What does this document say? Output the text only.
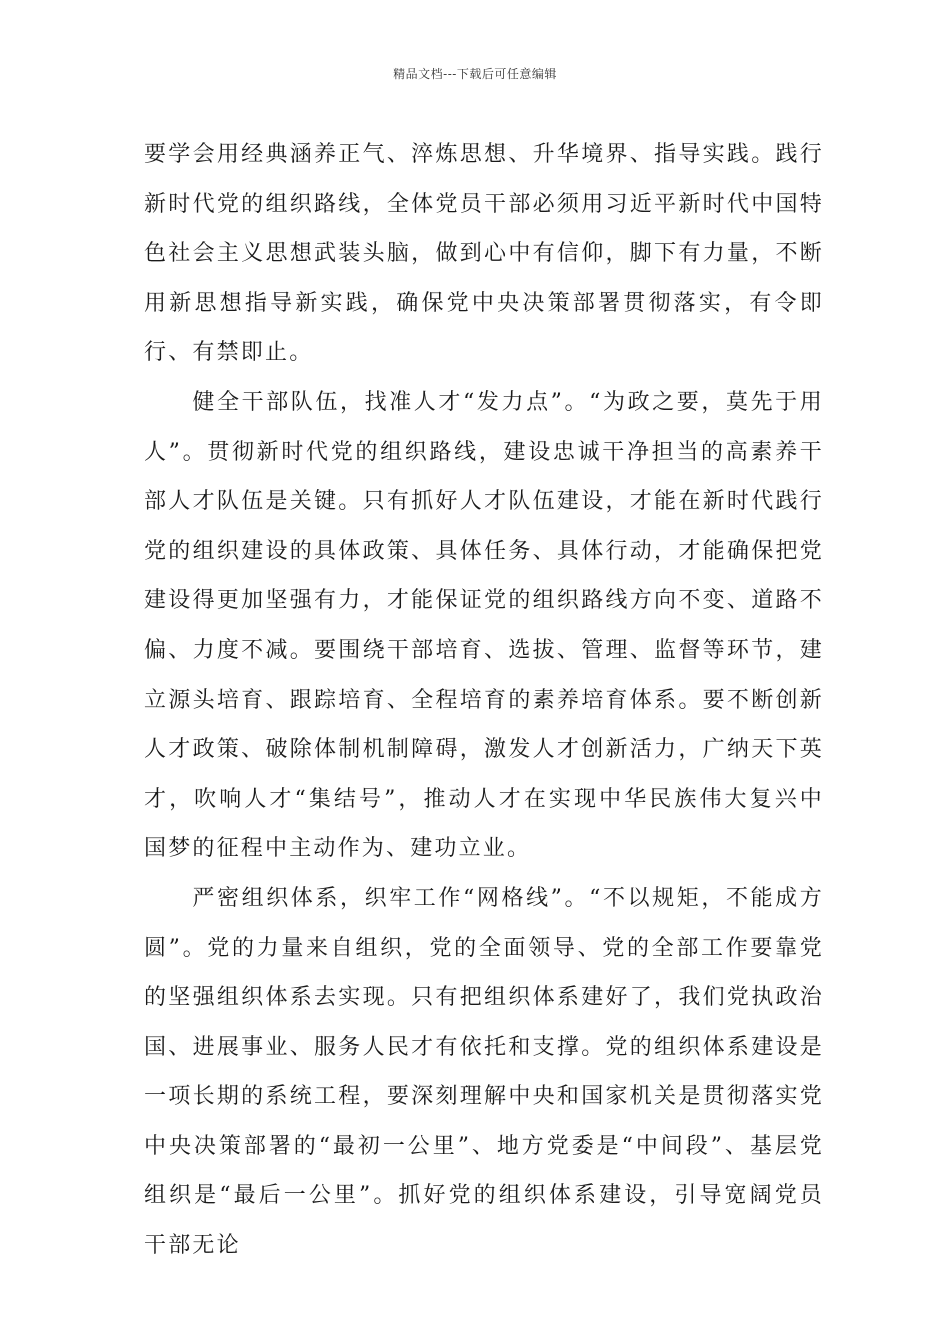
精品文档---下载后可任意编辑

要学会用经典涵养正气、淬炼思想、升华境界、指导实践。践行新时代党的组织路线，全体党员干部必须用习近平新时代中国特色社会主义思想武装头脑，做到心中有信仰，脚下有力量，不断用新思想指导新实践，确保党中央决策部署贯彻落实，有令即行、有禁即止。

健全干部队伍，找准人才“发力点”。“为政之要，莫先于用人”。贯彻新时代党的组织路线，建设忠诚干净担当的高素养干部人才队伍是关键。只有抓好人才队伍建设，才能在新时代践行党的组织建设的具体政策、具体任务、具体行动，才能确保把党建设得更加坚强有力，才能保证党的组织路线方向不变、道路不偏、力度不减。要围绕干部培育、选拔、管理、监督等环节，建立源头培育、跟踪培育、全程培育的素养培育体系。要不断创新人才政策、破除体制机制障碍，激发人才创新活力，广纳天下英才，吹响人才“集结号”，推动人才在实现中华民族伟大复兴中国梦的征程中主动作为、建功立业。

严密组织体系，织牢工作“网格线”。“不以规矩，不能成方圆”。党的力量来自组织，党的全面领导、党的全部工作要靠党的坚强组织体系去实现。只有把组织体系建好了，我们党执政治国、进展事业、服务人民才有依托和支撑。党的组织体系建设是一项长期的系统工程，要深刻理解中央和国家机关是贯彻落实党中央决策部署的“最初一公里”、地方党委是“中间段”、基层党组织是“最后一公里”。抓好党的组织体系建设，引导宽阔党员干部无论
